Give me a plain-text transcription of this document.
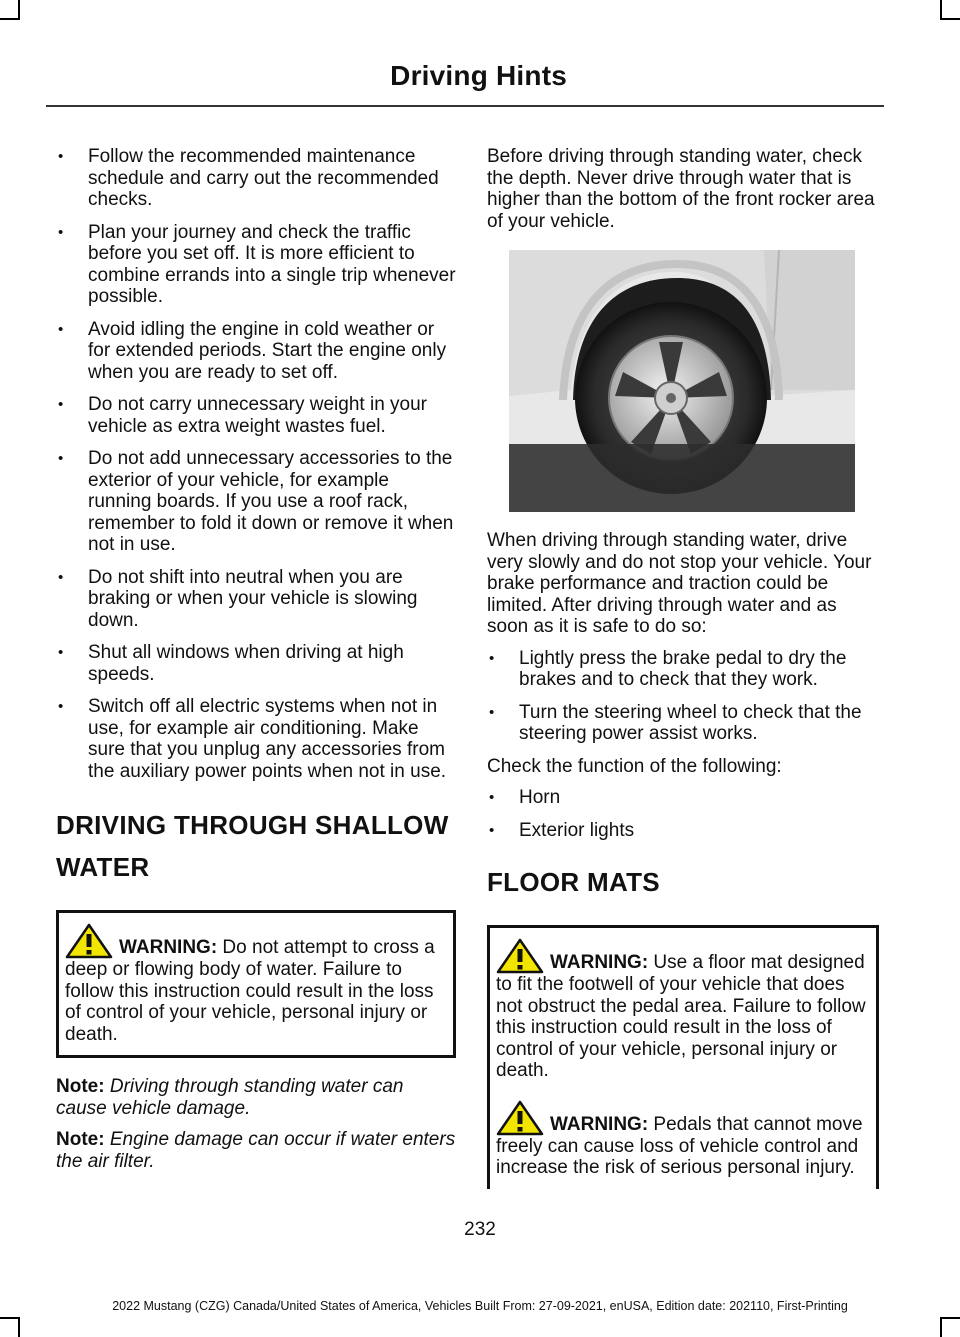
Driving Hints
• Follow the recommended maintenance schedule and carry out the recommended checks.
• Plan your journey and check the traffic before you set off. It is more efficient to combine errands into a single trip whenever possible.
• Avoid idling the engine in cold weather or for extended periods. Start the engine only when you are ready to set off.
• Do not carry unnecessary weight in your vehicle as extra weight wastes fuel.
• Do not add unnecessary accessories to the exterior of your vehicle, for example running boards. If you use a roof rack, remember to fold it down or remove it when not in use.
• Do not shift into neutral when you are braking or when your vehicle is slowing down.
• Shut all windows when driving at high speeds.
• Switch off all electric systems when not in use, for example air conditioning. Make sure that you unplug any accessories from the auxiliary power points when not in use.
DRIVING THROUGH SHALLOW WATER
WARNING: Do not attempt to cross a deep or flowing body of water. Failure to follow this instruction could result in the loss of control of your vehicle, personal injury or death.

Note: Driving through standing water can cause vehicle damage.

Note: Engine damage can occur if water enters the air filter.

Before driving through standing water, check the depth. Never drive through water that is higher than the bottom of the front rocker area of your vehicle.

When driving through standing water, drive very slowly and do not stop your vehicle. Your brake performance and traction could be limited. After driving through water and as soon as it is safe to do so:

• Lightly press the brake pedal to dry the brakes and to check that they work.
• Turn the steering wheel to check that the steering power assist works.

Check the function of the following:

• Horn
• Exterior lights
FLOOR MATS
WARNING: Use a floor mat designed to fit the footwell of your vehicle that does not obstruct the pedal area. Failure to follow this instruction could result in the loss of control of your vehicle, personal injury or death.
WARNING: Pedals that cannot move freely can cause loss of vehicle control and increase the risk of serious personal injury.
232
2022 Mustang (CZG) Canada/United States of America, Vehicles Built From: 27-09-2021, enUSA, Edition date: 202110, First-Printing
